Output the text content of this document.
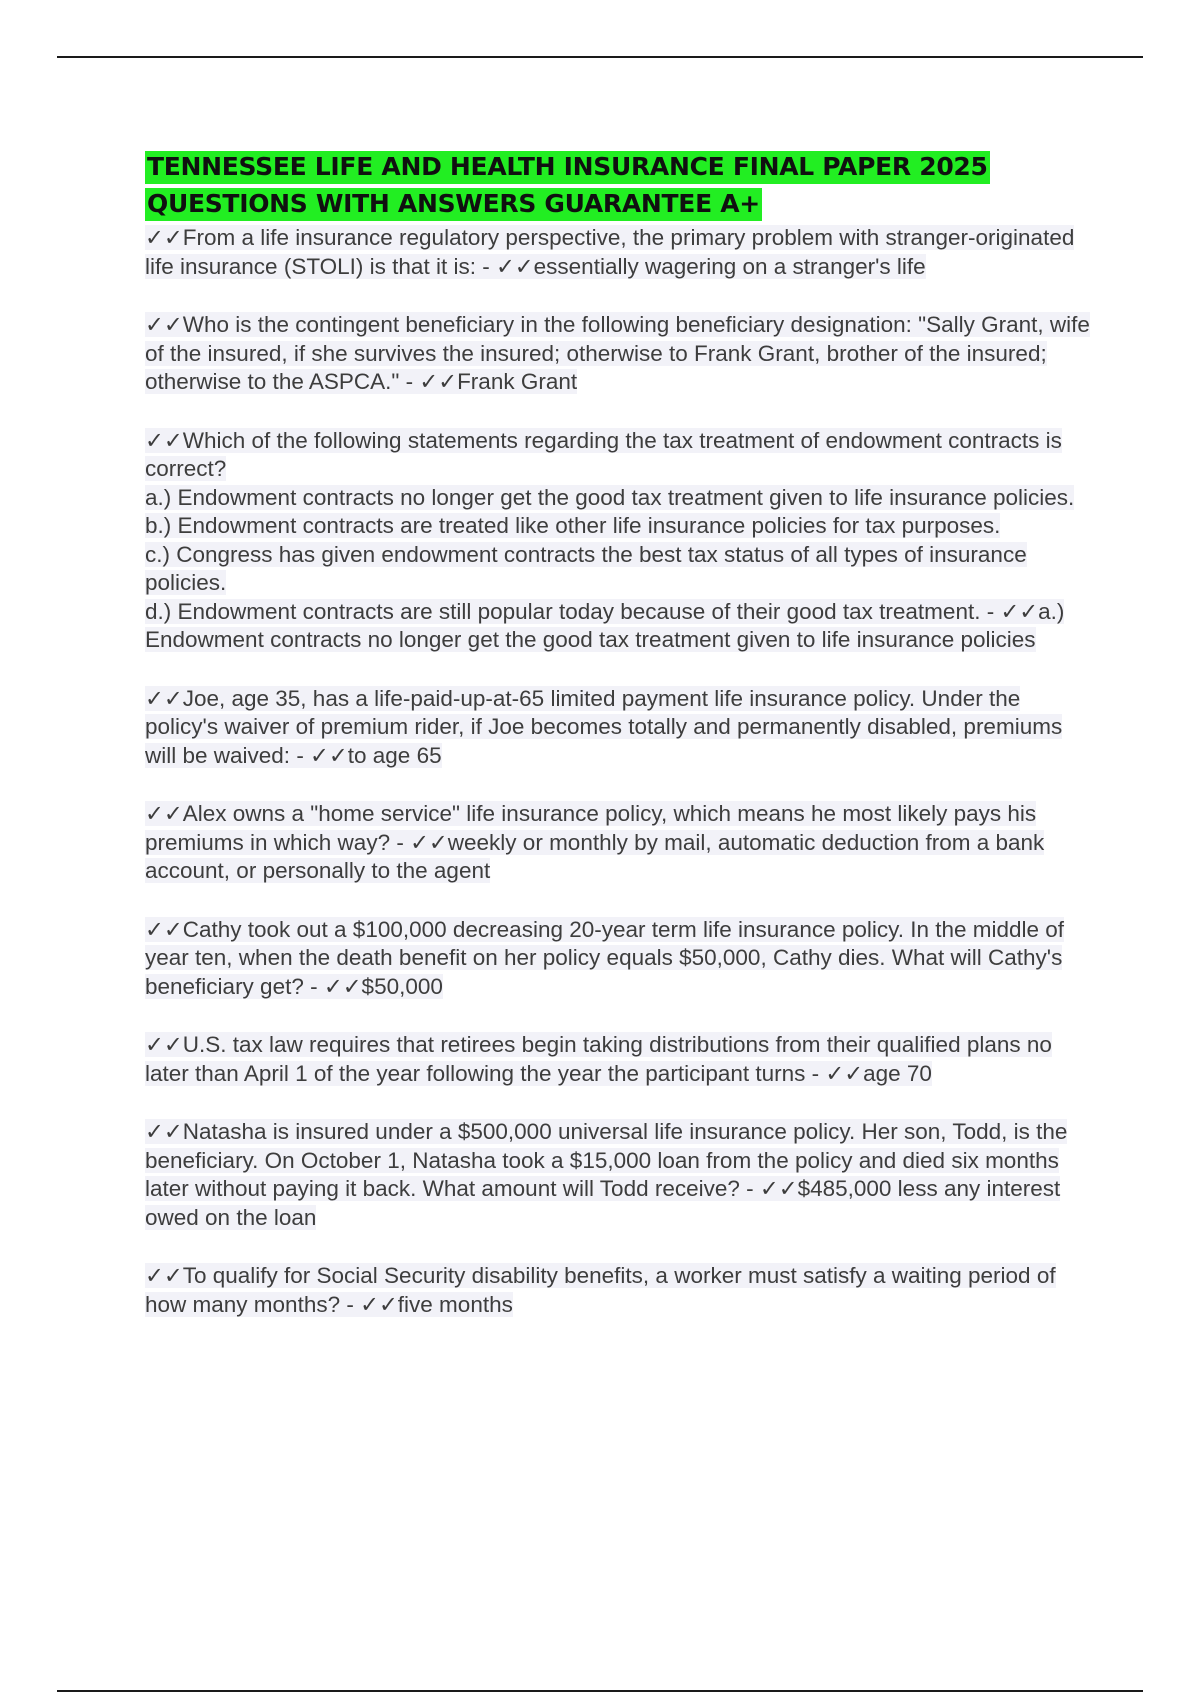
TENNESSEE LIFE AND HEALTH INSURANCE FINAL PAPER 2025
QUESTIONS WITH ANSWERS GUARANTEE A+

✓✓From a life insurance regulatory perspective, the primary problem with stranger-originated life insurance (STOLI) is that it is: - ✓✓essentially wagering on a stranger's life

✓✓Who is the contingent beneficiary in the following beneficiary designation: "Sally Grant, wife of the insured, if she survives the insured; otherwise to Frank Grant, brother of the insured; otherwise to the ASPCA." - ✓✓Frank Grant

✓✓Which of the following statements regarding the tax treatment of endowment contracts is correct?
a.) Endowment contracts no longer get the good tax treatment given to life insurance policies.
b.) Endowment contracts are treated like other life insurance policies for tax purposes.
c.) Congress has given endowment contracts the best tax status of all types of insurance policies.
d.) Endowment contracts are still popular today because of their good tax treatment. - ✓✓a.) Endowment contracts no longer get the good tax treatment given to life insurance policies

✓✓Joe, age 35, has a life-paid-up-at-65 limited payment life insurance policy. Under the policy's waiver of premium rider, if Joe becomes totally and permanently disabled, premiums will be waived: - ✓✓to age 65

✓✓Alex owns a "home service" life insurance policy, which means he most likely pays his premiums in which way? - ✓✓weekly or monthly by mail, automatic deduction from a bank account, or personally to the agent

✓✓Cathy took out a $100,000 decreasing 20-year term life insurance policy. In the middle of year ten, when the death benefit on her policy equals $50,000, Cathy dies. What will Cathy's beneficiary get? - ✓✓$50,000

✓✓U.S. tax law requires that retirees begin taking distributions from their qualified plans no later than April 1 of the year following the year the participant turns - ✓✓age 70

✓✓Natasha is insured under a $500,000 universal life insurance policy. Her son, Todd, is the beneficiary. On October 1, Natasha took a $15,000 loan from the policy and died six months later without paying it back. What amount will Todd receive? - ✓✓$485,000 less any interest owed on the loan

✓✓To qualify for Social Security disability benefits, a worker must satisfy a waiting period of how many months? - ✓✓five months
